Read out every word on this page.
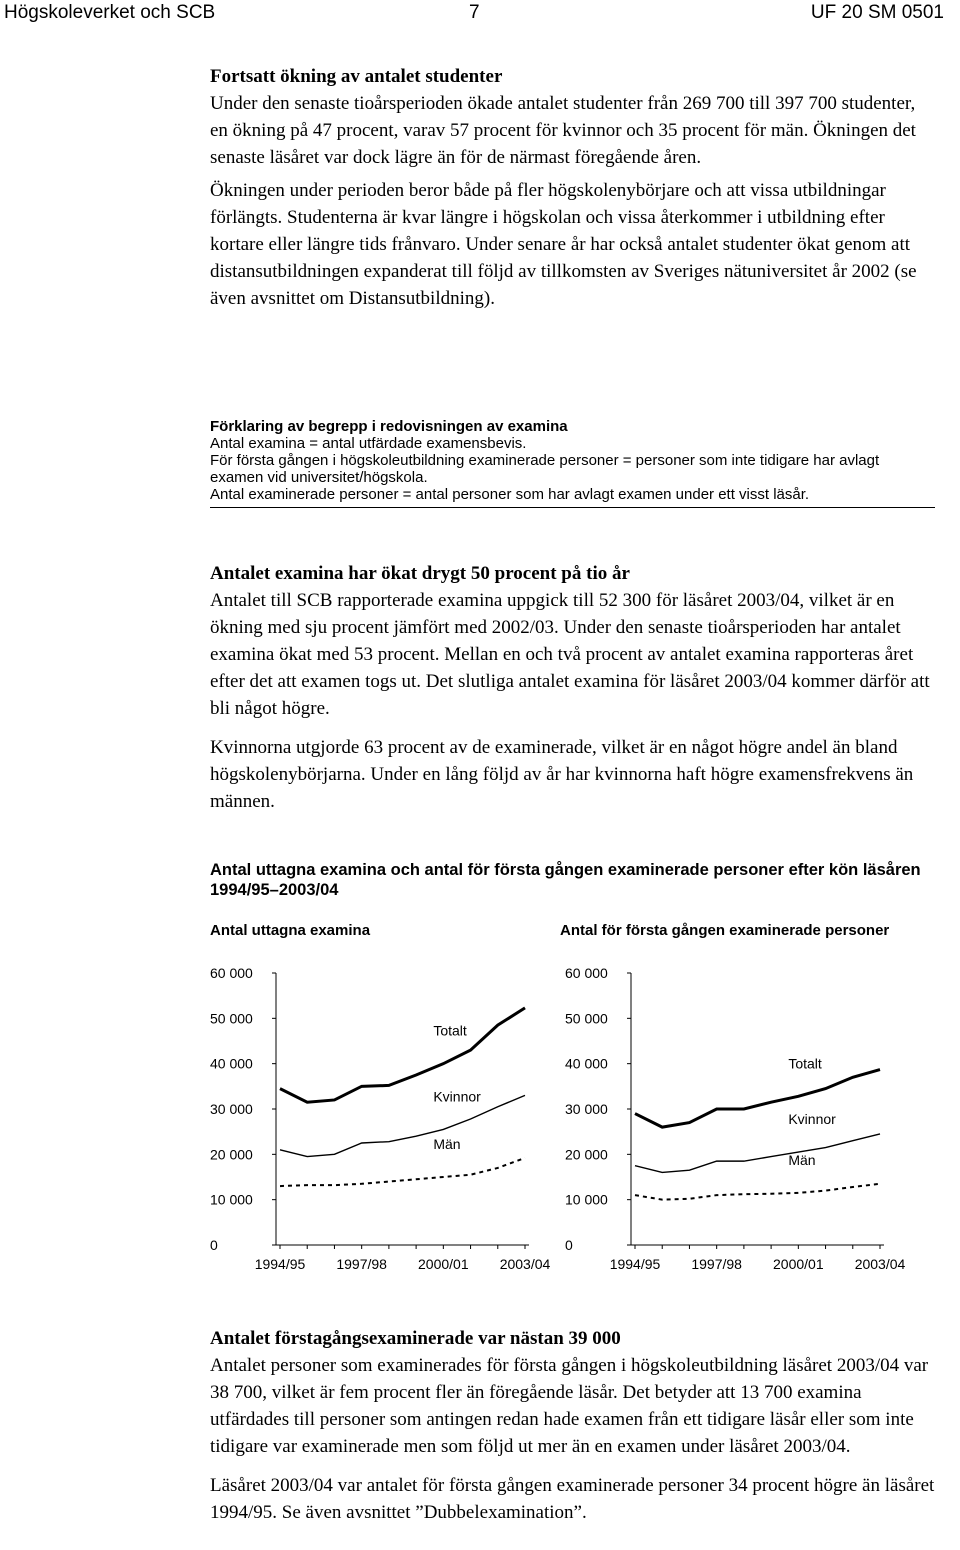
Högskoleverket och SCB	7	UF 20 SM 0501

Fortsatt ökning av antalet studenter

Under den senaste tioårsperioden ökade antalet studenter från 269 700 till 397 700 studenter, en ökning på 47 procent, varav 57 procent för kvinnor och 35 procent för män. Ökningen det senaste läsåret var dock lägre än för de närmast föregående åren.

Ökningen under perioden beror både på fler högskolenybörjare och att vissa utbildningar förlängts. Studenterna är kvar längre i högskolan och vissa återkommer i utbildning efter kortare eller längre tids frånvaro. Under senare år har också antalet studenter ökat genom att distansutbildningen expanderat till följd av tillkomsten av Sveriges nätuniversitet år 2002 (se även avsnittet om Distansutbildning).

Förklaring av begrepp i redovisningen av examina
Antal examina = antal utfärdade examensbevis.
För första gången i högskoleutbildning examinerade personer = personer som inte tidigare har avlagt examen vid universitet/högskola.
Antal examinerade personer = antal personer som har avlagt examen under ett visst läsår.

Antalet examina har ökat drygt 50 procent på tio år

Antalet till SCB rapporterade examina uppgick till 52 300 för läsåret 2003/04, vilket är en ökning med sju procent jämfört med 2002/03. Under den senaste tioårsperioden har antalet examina ökat med 53 procent. Mellan en och två procent av antalet examina rapporteras året efter det att examen togs ut. Det slutliga antalet examina för läsåret 2003/04 kommer därför att bli något högre.

Kvinnorna utgjorde 63 procent av de examinerade, vilket är en något högre andel än bland högskolenybörjarna. Under en lång följd av år har kvinnorna haft högre examensfrekvens än männen.

Antal uttagna examina och antal för första gången examinerade personer efter kön läsåren 1994/95–2003/04
Antal uttagna examina
0
10 000
20 000
30 000
40 000
50 000
60 000
1994/95 1997/98 2000/01 2003/04
Totalt
Kvinnor
Män
Antal för första gången examinerade personer
0
10 000
20 000
30 000
40 000
50 000
60 000
1994/95 1997/98 2000/01 2003/04
Totalt
Kvinnor
Män

Antalet förstagångsexaminerade var nästan 39 000

Antalet personer som examinerades för första gången i högskoleutbildning läsåret 2003/04 var 38 700, vilket är fem procent fler än föregående läsår. Det betyder att 13 700 examina utfärdades till personer som antingen redan hade examen från ett tidigare läsår eller som inte tidigare var examinerade men som följd ut mer än en examen under läsåret 2003/04.

Läsåret 2003/04 var antalet för första gången examinerade personer 34 procent högre än läsåret 1994/95. Se även avsnittet ”Dubbelexamination”.
